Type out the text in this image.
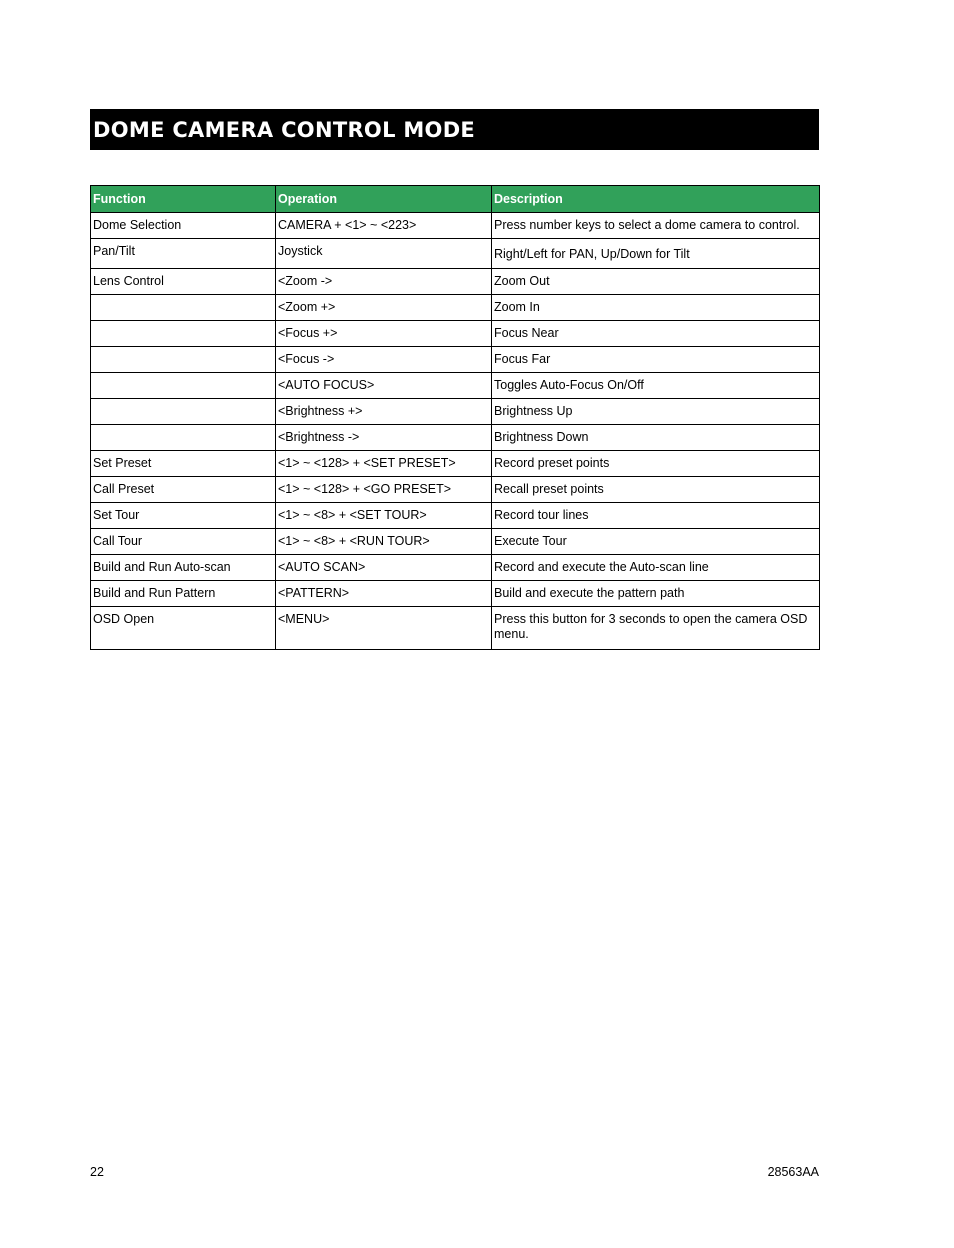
DOME CAMERA CONTROL MODE
Function	Operation	Description
Dome Selection	CAMERA + <1> ~ <223>	Press number keys to select a dome camera to control.
Pan/Tilt	Joystick	Right/Left for PAN, Up/Down for Tilt
Lens Control	<Zoom ->	Zoom Out
	<Zoom +>	Zoom In
	<Focus +>	Focus Near
	<Focus ->	Focus Far
	<AUTO FOCUS>	Toggles Auto-Focus On/Off
	<Brightness +>	Brightness Up
	<Brightness ->	Brightness Down
Set Preset	<1> ~ <128> + <SET PRESET>	Record preset points
Call Preset	<1> ~ <128> + <GO PRESET>	Recall preset points
Set Tour	<1> ~ <8> + <SET TOUR>	Record tour lines
Call Tour	<1> ~ <8> + <RUN TOUR>	Execute Tour
Build and Run Auto-scan	<AUTO SCAN>	Record and execute the Auto-scan line
Build and Run Pattern	<PATTERN>	Build and execute the pattern path
OSD Open	<MENU>	Press this button for 3 seconds to open the camera OSD menu.
22	28563AA
